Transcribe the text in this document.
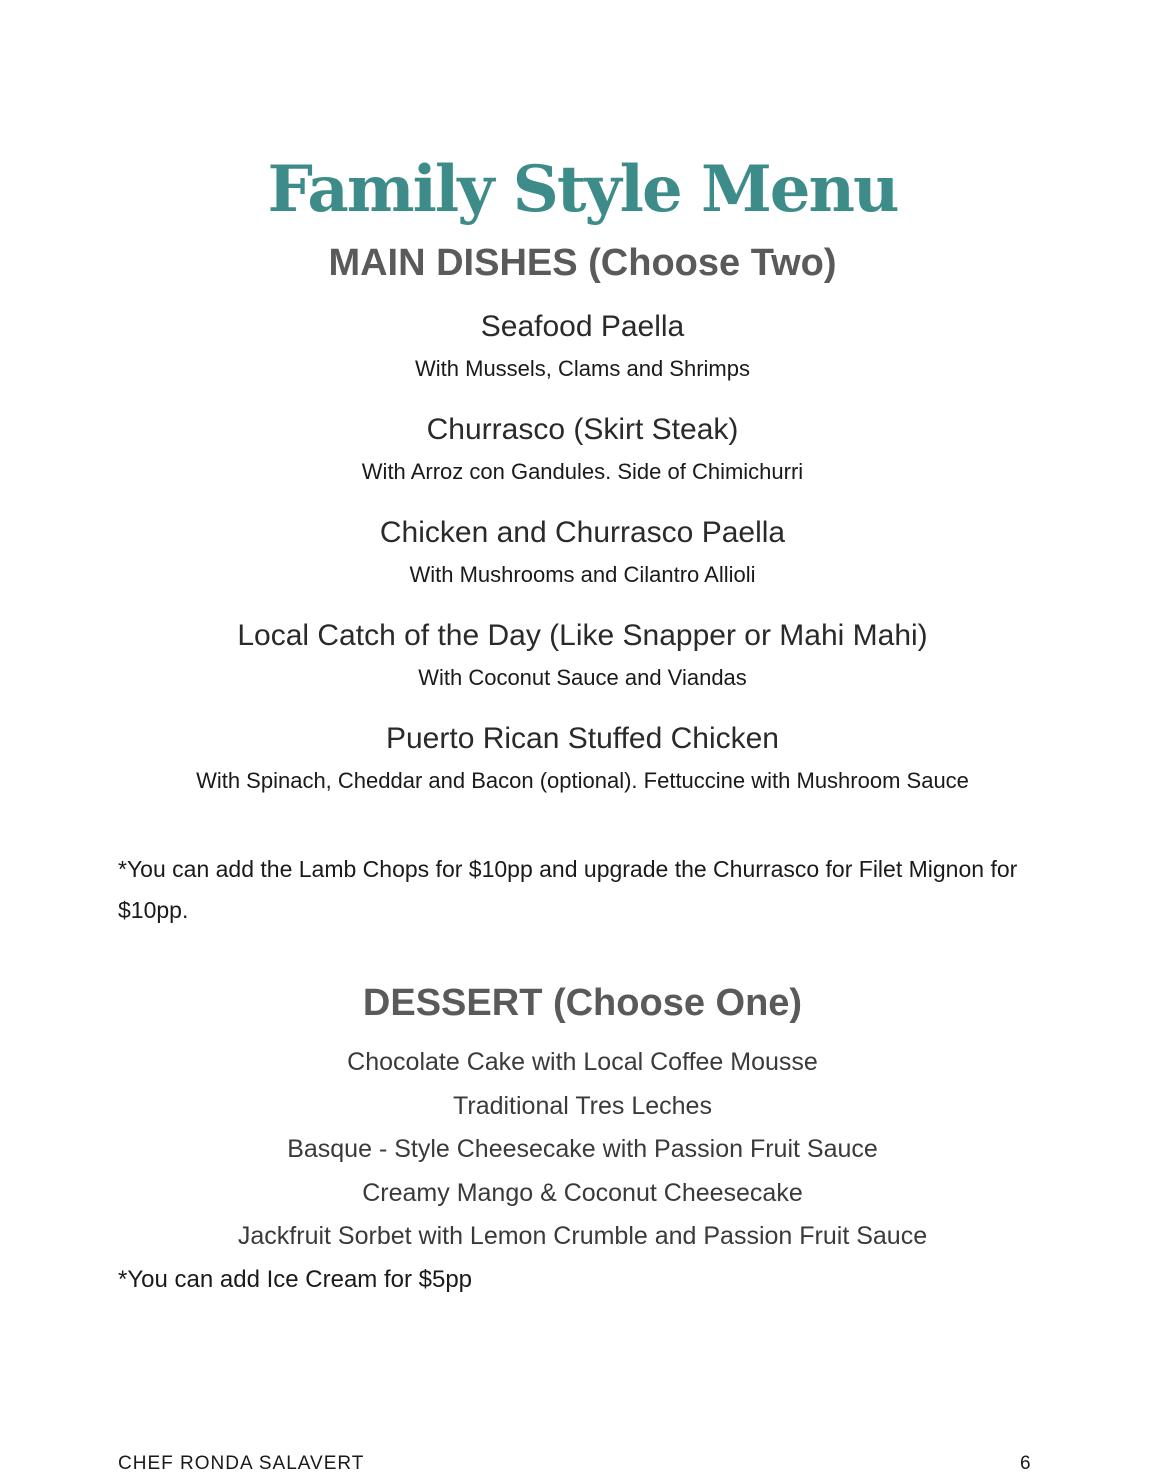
Family Style Menu
MAIN DISHES (Choose Two)
Seafood Paella
With Mussels, Clams and Shrimps
Churrasco (Skirt Steak)
With Arroz con Gandules. Side of Chimichurri
Chicken and Churrasco Paella
With Mushrooms and Cilantro Allioli
Local Catch of the Day (Like Snapper or Mahi Mahi)
With Coconut Sauce and Viandas
Puerto Rican Stuffed Chicken
With Spinach, Cheddar and Bacon (optional). Fettuccine with Mushroom Sauce

*You can add the Lamb Chops for $10pp and upgrade the Churrasco for Filet Mignon for $10pp.

DESSERT (Choose One)
Chocolate Cake with Local Coffee Mousse
Traditional Tres Leches
Basque - Style Cheesecake with Passion Fruit Sauce
Creamy Mango & Coconut Cheesecake
Jackfruit Sorbet with Lemon Crumble and Passion Fruit Sauce

*You can add Ice Cream for $5pp

CHEF RONDA SALAVERT	6
